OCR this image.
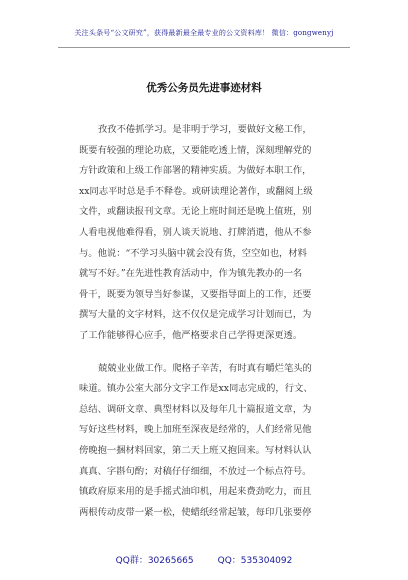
关注头条号“公文研究”，获得最新最全最专业的公文资料库！ 微信：gongwenyj
优秀公务员先进事迹材料
孜孜不倦抓学习。是非明于学习，要做好文秘工作，
既要有较强的理论功底，又要能吃透上情，深刻理解党的
方针政策和上级工作部署的精神实质。为做好本职工作，
xx同志平时总是手不释卷。或研读理论著作，或翻阅上级
文件，或翻读报刊文章。无论上班时间还是晚上值班，别
人看电视他难得看，别人谈天说地、打牌消遣，他从不参
与。他说：“不学习头脑中就会没有货，空空如也，材料
就写不好。”在先进性教育活动中，作为镇先教办的一名
骨干，既要为领导当好参谋，又要指导面上的工作，还要
撰写大量的文字材料，这不仅仅是完成学习计划而已，为
了工作能够得心应手，他严格要求自己学得更深更透。
兢兢业业做工作。爬格子辛苦，有时真有嚼烂笔头的
味道。镇办公室大部分文字工作是xx同志完成的，行文、
总结、调研文章、典型材料以及每年几十篇报道文章，为
写好这些材料，晚上加班至深夜是经常的，人们经常见他
傍晚抱一捆材料回家，第二天上班又抱回来。写材料认认
真真、字斟句酌；对稿仔仔细细，不放过一个标点符号。
镇政府原来用的是手摇式油印机，用起来费劲吃力，而且
两根传动皮带一紧一松，使蜡纸经常起皱，每印几张要停
QQ群：30265665	QQ：535304092
